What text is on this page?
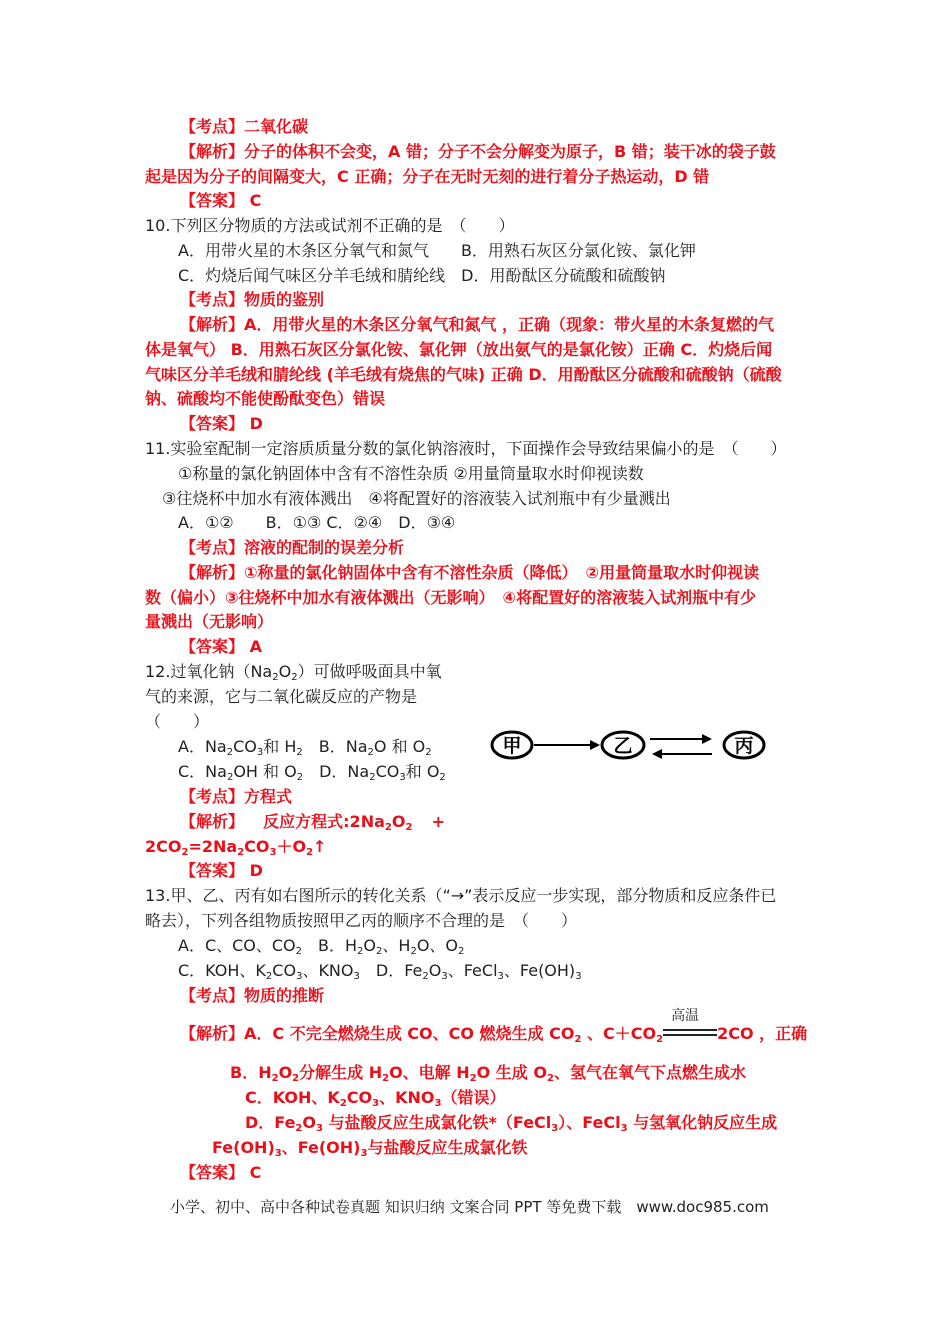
【考点】二氧化碳
【解析】分子的体积不会变，A 错；分子不会分解变为原子，B 错；装干冰的袋子鼓
起是因为分子的间隔变大，C 正确；分子在无时无刻的进行着分子热运动，D 错
【答案】 C
10.下列区分物质的方法或试剂不正确的是　（　　）
A．用带火星的木条区分氧气和氮气　　B．用熟石灰区分氯化铵、氯化钾
C．灼烧后闻气味区分羊毛绒和腈纶线　D．用酚酞区分硫酸和硫酸钠
【考点】物质的鉴别
【解析】A．用带火星的木条区分氧气和氮气 ，正确（现象：带火星的木条复燃的气
体是氧气） B．用熟石灰区分氯化铵、氯化钾（放出氨气的是氯化铵）正确 C．灼烧后闻
气味区分羊毛绒和腈纶线 (羊毛绒有烧焦的气味) 正确 D．用酚酞区分硫酸和硫酸钠（硫酸
钠、硫酸均不能使酚酞变色）错误
【答案】 D
11.实验室配制一定溶质质量分数的氯化钠溶液时，下面操作会导致结果偏小的是　（　　）
①称量的氯化钠固体中含有不溶性杂质 ②用量筒量取水时仰视读数
③往烧杯中加水有液体溅出　④将配置好的溶液装入试剂瓶中有少量溅出
A．①②　　B．①③ C．②④　D．③④
【考点】溶液的配制的误差分析
【解析】①称量的氯化钠固体中含有不溶性杂质（降低）　②用量筒量取水时仰视读
数（偏小）③往烧杯中加水有液体溅出（无影响）　④将配置好的溶液装入试剂瓶中有少
量溅出（无影响）
【答案】 A
12.过氧化钠$(Na_2O_2)$可做呼吸面具中氧
气的来源，它与二氧化碳反应的产物是
（　　）
A．$Na_2CO_3$和 $H_2$　B．$Na_2O$ 和 $O_2$
C．$Na_2OH$ 和 $O_2$　D．$Na_2CO_3$和 $O_2$
【考点】方程式
【解析】 反应方程式$:2Na_2O_2$ +
$2CO_2=2Na_2CO_3+O_2↑$
【答案】 D
甲	乙	丙
13.甲、乙、丙有如右图所示的转化关系（“→”表示反应一步实现，部分物质和反应条件已
略去），下列各组物质按照甲乙丙的顺序不合理的是　（　　）
A．C、CO、$CO_2$　B．$H_2O_2$、$H_2O$、$O_2$
C．KOH、$K_2CO_3$、$KNO_3$　D．$Fe_2O_3$、FeCl$_3$、$Fe(OH)_3$
【考点】物质的推断
【解析】A．C 不完全燃烧生成 CO、CO 燃烧生成 $CO_2$ 、$C+CO_2$
高温
2CO ，正确
B．$H_2O_2$分解生成 $H_2O$、电解 $H_2O$ 生成 $O_2$、氢气在氧气下点燃生成水
C．KOH、$K_2CO_3$、$KNO_3$（错误）
D．$Fe_2O_3$ 与盐酸反应生成氯化铁*（FeCl$_3$）、FeCl$_3$ 与氢氧化钠反应生成
$Fe(OH)_3$、$Fe(OH)_3$与盐酸反应生成氯化铁
【答案】 C
小学、初中、高中各种试卷真题 知识归纳 文案合同 PPT 等免费下载　www.doc985.com
